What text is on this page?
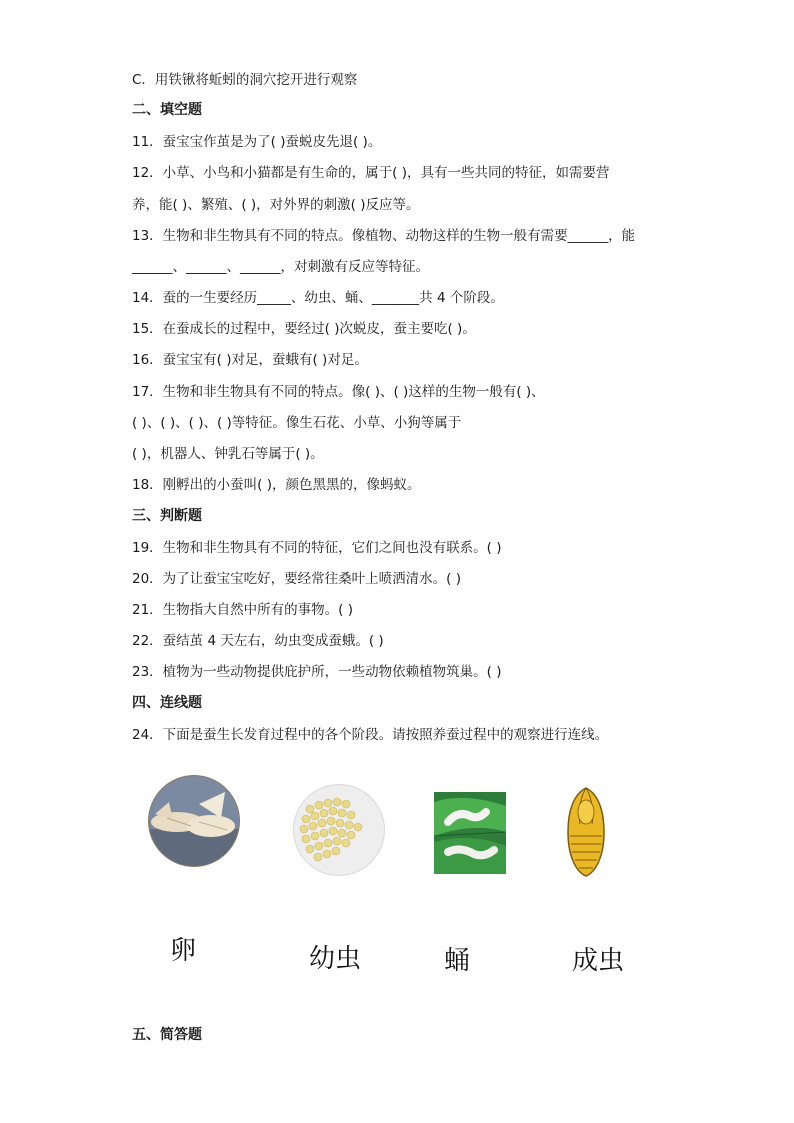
C．用铁锹将蚯蚓的洞穴挖开进行观察
二、填空题
11．蚕宝宝作茧是为了( )蚕蜕皮先退( )。
12．小草、小鸟和小猫都是有生命的，属于( )，具有一些共同的特征，如需要营
养，能( )、繁殖、( )，对外界的刺激( )反应等。
13．生物和非生物具有不同的特点。像植物、动物这样的生物一般有需要______，能
______、______、______，对刺激有反应等特征。
14．蚕的一生要经历_____、幼虫、蛹、_______共 4 个阶段。
15．在蚕成长的过程中，要经过( )次蜕皮，蚕主要吃( )。
16．蚕宝宝有( )对足，蚕蛾有( )对足。
17．生物和非生物具有不同的特点。像( )、( )这样的生物一般有( )、
( )、( )、( )、( )等特征。像生石花、小草、小狗等属于
( )，机器人、钟乳石等属于( )。
18．刚孵出的小蚕叫( )，颜色黑黑的，像蚂蚁。
三、判断题
19．生物和非生物具有不同的特征，它们之间也没有联系。( )
20．为了让蚕宝宝吃好，要经常往桑叶上喷洒清水。( )
21．生物指大自然中所有的事物。( )
22．蚕结茧 4 天左右，幼虫变成蚕蛾。( )
23．植物为一些动物提供庇护所，一些动物依赖植物筑巢。( )
四、连线题
24．下面是蚕生长发育过程中的各个阶段。请按照养蚕过程中的观察进行连线。
卵	幼虫	蛹	成虫
五、简答题
